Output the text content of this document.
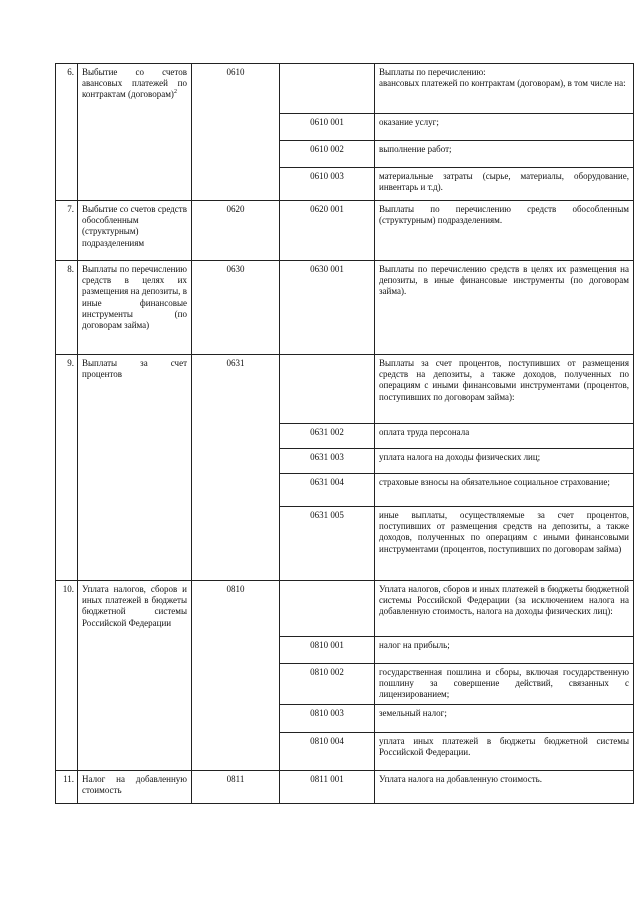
6.	Выбытие со счетов авансовых платежей по контрактам (договорам)$^2$	0610		Выплаты по перечислению:
авансовых платежей по контрактам (договорам), в том числе на:
			0610 001	оказание услуг;
			0610 002	выполнение работ;
			0610 003	материальные затраты (сырье, материалы, оборудование, инвентарь и т.д).
7.	Выбытие со счетов средств обособленным (структурным) подразделениям	0620	0620 001	Выплаты по перечислению средств обособленным (структурным) подразделениям.
8.	Выплаты по перечислению средств в целях их размещения на депозиты, в иные финансовые инструменты (по договорам займа)	0630	0630 001	Выплаты по перечислению средств в целях их размещения на депозиты, в иные финансовые инструменты (по договорам займа).
9.	Выплаты за счет процентов	0631		Выплаты за счет процентов, поступивших от размещения средств на депозиты, а также доходов, полученных по операциям с иными финансовыми инструментами (процентов, поступивших по договорам займа):
			0631 002	оплата труда персонала
			0631 003	уплата налога на доходы физических лиц;
			0631 004	страховые взносы на обязательное социальное страхование;
			0631 005	иные выплаты, осуществляемые за счет процентов, поступивших от размещения средств на депозиты, а также доходов, полученных по операциям с иными финансовыми инструментами (процентов, поступивших по договорам займа)
10.	Уплата налогов, сборов и иных платежей в бюджеты бюджетной системы Российской Федерации	0810		Уплата налогов, сборов и иных платежей в бюджеты бюджетной системы Российской Федерации (за исключением налога на добавленную стоимость, налога на доходы физических лиц):
			0810 001	налог на прибыль;
			0810 002	государственная пошлина и сборы, включая государственную пошлину за совершение действий, связанных с лицензированием;
			0810 003	земельный налог;
			0810 004	уплата иных платежей в бюджеты бюджетной системы Российской Федерации.
11.	Налог на добавленную стоимость	0811	0811 001	Уплата налога на добавленную стоимость.
